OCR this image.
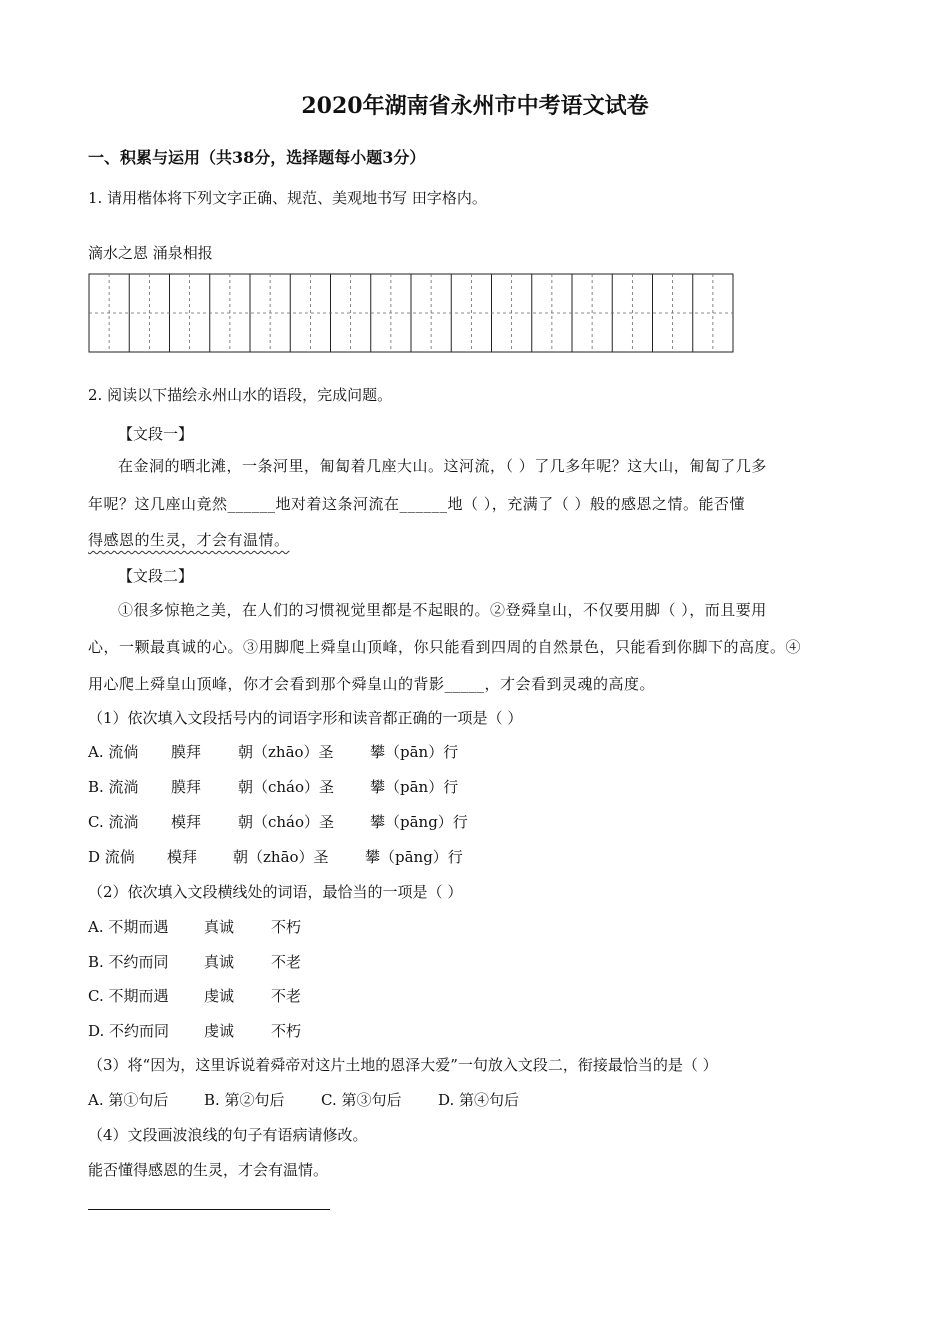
2020年湖南省永州市中考语文试卷
一、积累与运用（共38分，选择题每小题3分）
1. 请用楷体将下列文字正确、规范、美观地书写 田字格内。
滴水之恩 涌泉相报
2. 阅读以下描绘永州山水的语段，完成问题。
【文段一】
在金洞的晒北滩，一条河里，匍匐着几座大山。这河流，（ ）了几多年呢？这大山，匍匐了几多
年呢？这几座山竟然______地对着这条河流在______地（ ），充满了（ ）般的感恩之情。能否懂
得感恩的生灵，才会有温情。
【文段二】
①很多惊艳之美，在人们的习惯视觉里都是不起眼的。②登舜皇山，不仅要用脚（ ），而且要用
心，一颗最真诚的心。③用脚爬上舜皇山顶峰，你只能看到四周的自然景色，只能看到你脚下的高度。④
用心爬上舜皇山顶峰，你才会看到那个舜皇山的背影_____，才会看到灵魂的高度。
（1）依次填入文段括号内的词语字形和读音都正确的一项是（ ）
A. 流倘 膜拜 朝（zhāo）圣 攀（pān）行
B. 流淌 膜拜 朝（cháo）圣 攀（pān）行
C. 流淌 模拜 朝（cháo）圣 攀（pāng）行
D 流倘 模拜 朝（zhāo）圣 攀（pāng）行
（2）依次填入文段横线处的词语，最恰当的一项是（ ）
A. 不期而遇 真诚 不朽
B. 不约而同 真诚 不老
C. 不期而遇 虔诚 不老
D. 不约而同 虔诚 不朽
（3）将“因为，这里诉说着舜帝对这片土地的恩泽大爱”一句放入文段二，衔接最恰当的是（ ）
A. 第①句后 B. 第②句后 C. 第③句后 D. 第④句后
（4）文段画波浪线的句子有语病请修改。
能否懂得感恩的生灵，才会有温情。
